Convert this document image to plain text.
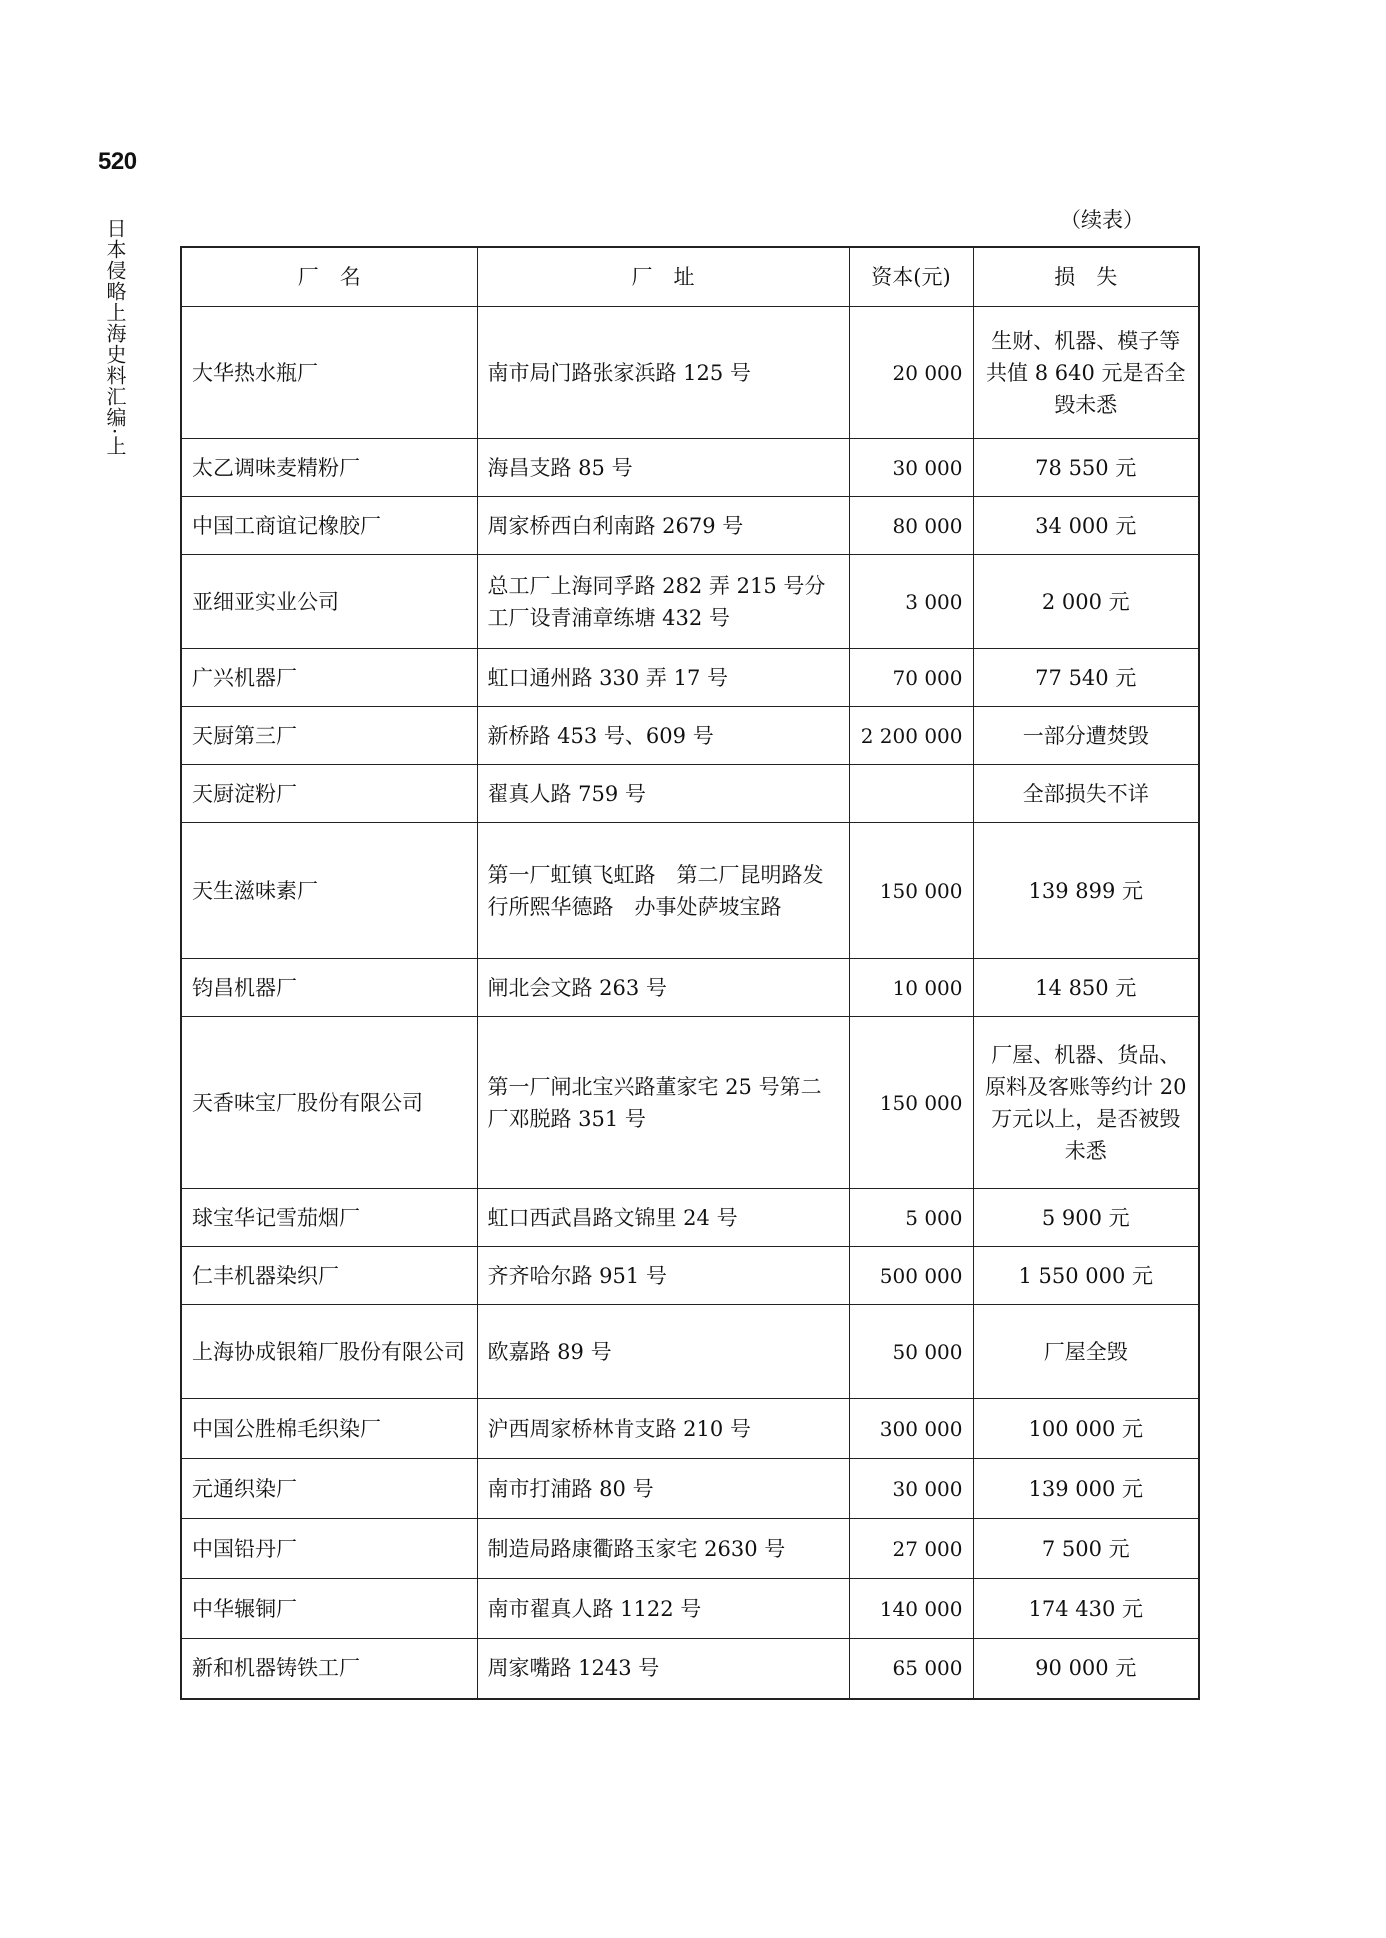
520
日本侵略上海史料汇编·上	（续表）
厂　名	厂　址	资本(元)	损　失
大华热水瓶厂	南市局门路张家浜路 125 号	20 000	生财、机器、模子等共值 8 640 元是否全毁未悉
太乙调味麦精粉厂	海昌支路 85 号	30 000	78 550 元
中国工商谊记橡胶厂	周家桥西白利南路 2679 号	80 000	34 000 元
亚细亚实业公司	总工厂上海同孚路 282 弄 215 号分工厂设青浦章练塘 432 号	3 000	2 000 元
广兴机器厂	虹口通州路 330 弄 17 号	70 000	77 540 元
天厨第三厂	新桥路 453 号、609 号	2 200 000	一部分遭焚毁
天厨淀粉厂	翟真人路 759 号		全部损失不详
天生滋味素厂	第一厂虹镇飞虹路　第二厂昆明路发行所熙华德路　办事处萨坡宝路	150 000	139 899 元
钧昌机器厂	闸北会文路 263 号	10 000	14 850 元
天香味宝厂股份有限公司	第一厂闸北宝兴路董家宅 25 号第二厂邓脱路 351 号	150 000	厂屋、机器、货品、原料及客账等约计 20 万元以上，是否被毁未悉
球宝华记雪茄烟厂	虹口西武昌路文锦里 24 号	5 000	5 900 元
仁丰机器染织厂	齐齐哈尔路 951 号	500 000	1 550 000 元
上海协成银箱厂股份有限公司	欧嘉路 89 号	50 000	厂屋全毁
中国公胜棉毛织染厂	沪西周家桥林肯支路 210 号	300 000	100 000 元
元通织染厂	南市打浦路 80 号	30 000	139 000 元
中国铅丹厂	制造局路康衢路玉家宅 2630 号	27 000	7 500 元
中华辗铜厂	南市翟真人路 1122 号	140 000	174 430 元
新和机器铸铁工厂	周家嘴路 1243 号	65 000	90 000 元
